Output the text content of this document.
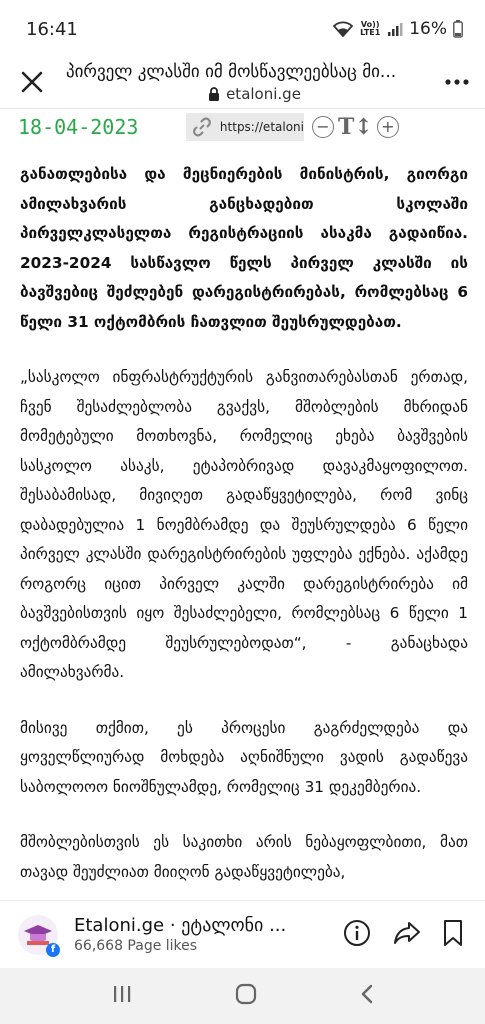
16:41	Vo)) LTE1 16%
პირველ კლასში იმ მოსწავლეებსაც მი...
etaloni.ge
18-04-2023	https://etaloni − T↕ +

განათლებისა და მეცნიერების მინისტრის, გიორგი ამილახვარის განცხადებით სკოლაში პირველკლასელთა რეგისტრაციის ასაკმა გადაიწია. 2023-2024 სასწავლო წელს პირველ კლასში ის ბავშვებიც შეძლებენ დარეგისტრირებას, რომლებსაც 6 წელი 31 ოქტომბრის ჩათვლით შეუსრულდებათ.

„სასკოლო ინფრასტრუქტურის განვითარებასთან ერთად, ჩვენ შესაძლებლობა გვაქვს, მშობლების მხრიდან მომეტებული მოთხოვნა, რომელიც ეხება ბავშვების სასკოლო ასაკს, ეტაპობრივად დავაკმაყოფილოთ. შესაბამისად, მივიღეთ გადაწყვეტილება, რომ ვინც დაბადებულია 1 ნოემბრამდე და შეუსრულდება 6 წელი პირველ კლასში დარეგისტრირების უფლება ექნება. აქამდე როგორც იცით პირველ კალში დარეგისტრირება იმ ბავშვებისთვის იყო შესაძლებელი, რომლებსაც 6 წელი 1 ოქტომბრამდე შეუსრულებოდათ“, - განაცხადა ამილახვარმა.

მისივე თქმით, ეს პროცესი გაგრძელდება და ყოველწლიურად მოხდება აღნიშნული ვადის გადაწევა საბოლოოო ნიოშნულამდე, რომელიც 31 დეკემბერია.

მშობლებისთვის ეს საკითხი არის ნებაყოფლბითი, მათ თავად შეუძლიათ მიიღონ გადაწყვეტილება,

f
Etaloni.ge · ეტალონი ...
66,668 Page likes
